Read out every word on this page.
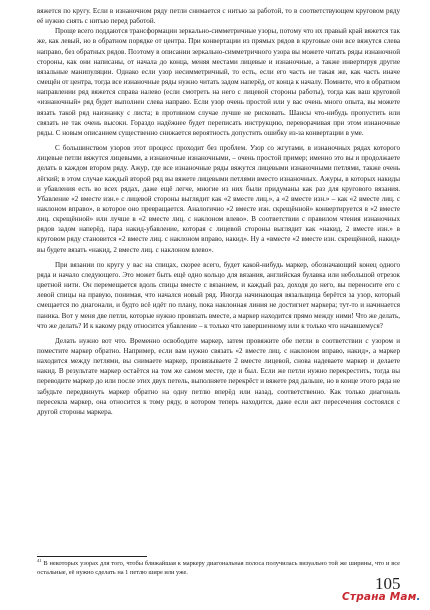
вяжется по кругу. Если в изнаночном ряду петли снимается с нитью за работой, то в соответствующем круговом ряду её нужно снять с нитью перед работой.

Проще всего поддаются трансформации зеркально-симметричные узоры, потому что их правый край вяжется так же, как левый, но в обратном порядке от центра. При конвертации из прямых рядов в круговые они все вяжутся слева направо, без обратных рядов. Поэтому в описании зеркально-симметричного узора вы можете читать ряды изнаночной стороны, как они написаны, от начала до конца, меняя местами лицевые и изнаночные, а также инвертируя другие вязальные манипуляции. Однако если узор несимметричный, то есть, если его часть не такая же, как часть иначе смещён от центра, тогда все изнаночные ряды нужно читать задом наперёд, от конца к началу. Помните, что в обратном направлении ряд вяжется справа налево (если смотреть на него с лицевой стороны работы), тогда как ваш круговой «изнаночный» ряд будет выполнен слева направо. Если узор очень простой или у вас очень много опыта, вы можете вязать такой ряд наизнанку с листа; в противном случае лучше не рисковать. Шансы что-нибудь пропустить или связать не так очень высоки. Гораздо надёжнее будет переписать инструкцию, переворачивая при этом изнаночные ряды. С новым описанием существенно снижается вероятность допустить ошибку из-за конвертации в уме.

С большинством узоров этот процесс проходит без проблем. Узор со жгутами, в изнаночных рядах которого лицевые петли вяжутся лицевыми, а изнаночные изнаночными, – очень простой пример; именно это вы и продолжаете делать в каждом втором ряду. Ажур, где все изнаночные ряды вяжутся лицевыми изнаночными петлями, также очень лёгкий; в этом случае каждый второй ряд вы вяжете лицевыми петлями вместо изнаночных. Ажуры, в которых накиды и убавления есть во всех рядах, даже ещё легче, многие из них были придуманы как раз для кругового вязания. Убавление «2 вместе изн.» с лицевой стороны выглядит как «2 вместе лиц.», а «2 вместе изн.» – как «2 вместе лиц. с наклоном вправо», в которое оно превращается. Аналогично «2 вместе изн. скрещённой» конвертируется в «2 вместе лиц. скрещённой» или лучше в «2 вместе лиц. с наклоном влево». В соответствии с правилом чтения изнаночных рядов задом наперёд, пара накид-убавление, которая с лицевой стороны выглядит как «накид, 2 вместе изн.» в круговом ряду становится «2 вместе лиц. с наклоном вправо, накид». Ну а «вместе «2 вместе изн. скрещённой, накид» вы будете вязать «накид, 2 вместе лиц. с наклоном влево».

При вязании по кругу у вас на спицах, скорее всего, будет какой-нибудь маркер, обозначающий конец одного ряда и начало следующего. Это может быть ещё одно кольцо для вязания, английская булавка или небольшой отрезок цветной нити. Он перемещается вдоль спицы вместе с вязанием, и каждый раз, доходя до него, вы переносите его с левой спицы на правую, понимая, что начался новый ряд. Иногда начинающая вязальщица берётся за узор, который смещается по диагонали, и будто всё идёт по плану, пока наклонная линия не достигнет маркера; тут-то и начинается паника. Вот у меня две петли, которые нужно провязать вместе, а маркер находится прямо между ними! Что же делать, что же делать? И к какому ряду относится убавление – к только что завершенному или к только что начавшемуся?

Делать нужно вот что. Временно освободите маркер, затем провяжите обе петли в соответствии с узором и поместите маркер обратно. Например, если вам нужно связать «2 вместе лиц. с наклоном вправо, накид», а маркер находится между петлями, вы снимаете маркер, провязываете 2 вместе лицевой, снова надеваете маркер и делаете накид. В результате маркер остаётся на том же самом месте, где и был. Если же петли нужно перекрестить, тогда вы переводите маркер до или после этих двух петель, выполняете перекрёст и вяжете ряд дальше, но в конце этого ряда не забудьте передвинуть маркер обратно на одну петлю вперёд или назад, соответственно. Как только диагональ пересекла маркер, она относится к тому ряду, в котором теперь находится, даже если акт пересечения состоялся с другой стороны маркера.

$^{41}$ В некоторых узорах для того, чтобы ближайшая к маркеру диагональная полоса получилась визуально той же ширины, что и все остальные, её нужно сделать на 1 петлю шире или уже.
105
Страна Мам.
